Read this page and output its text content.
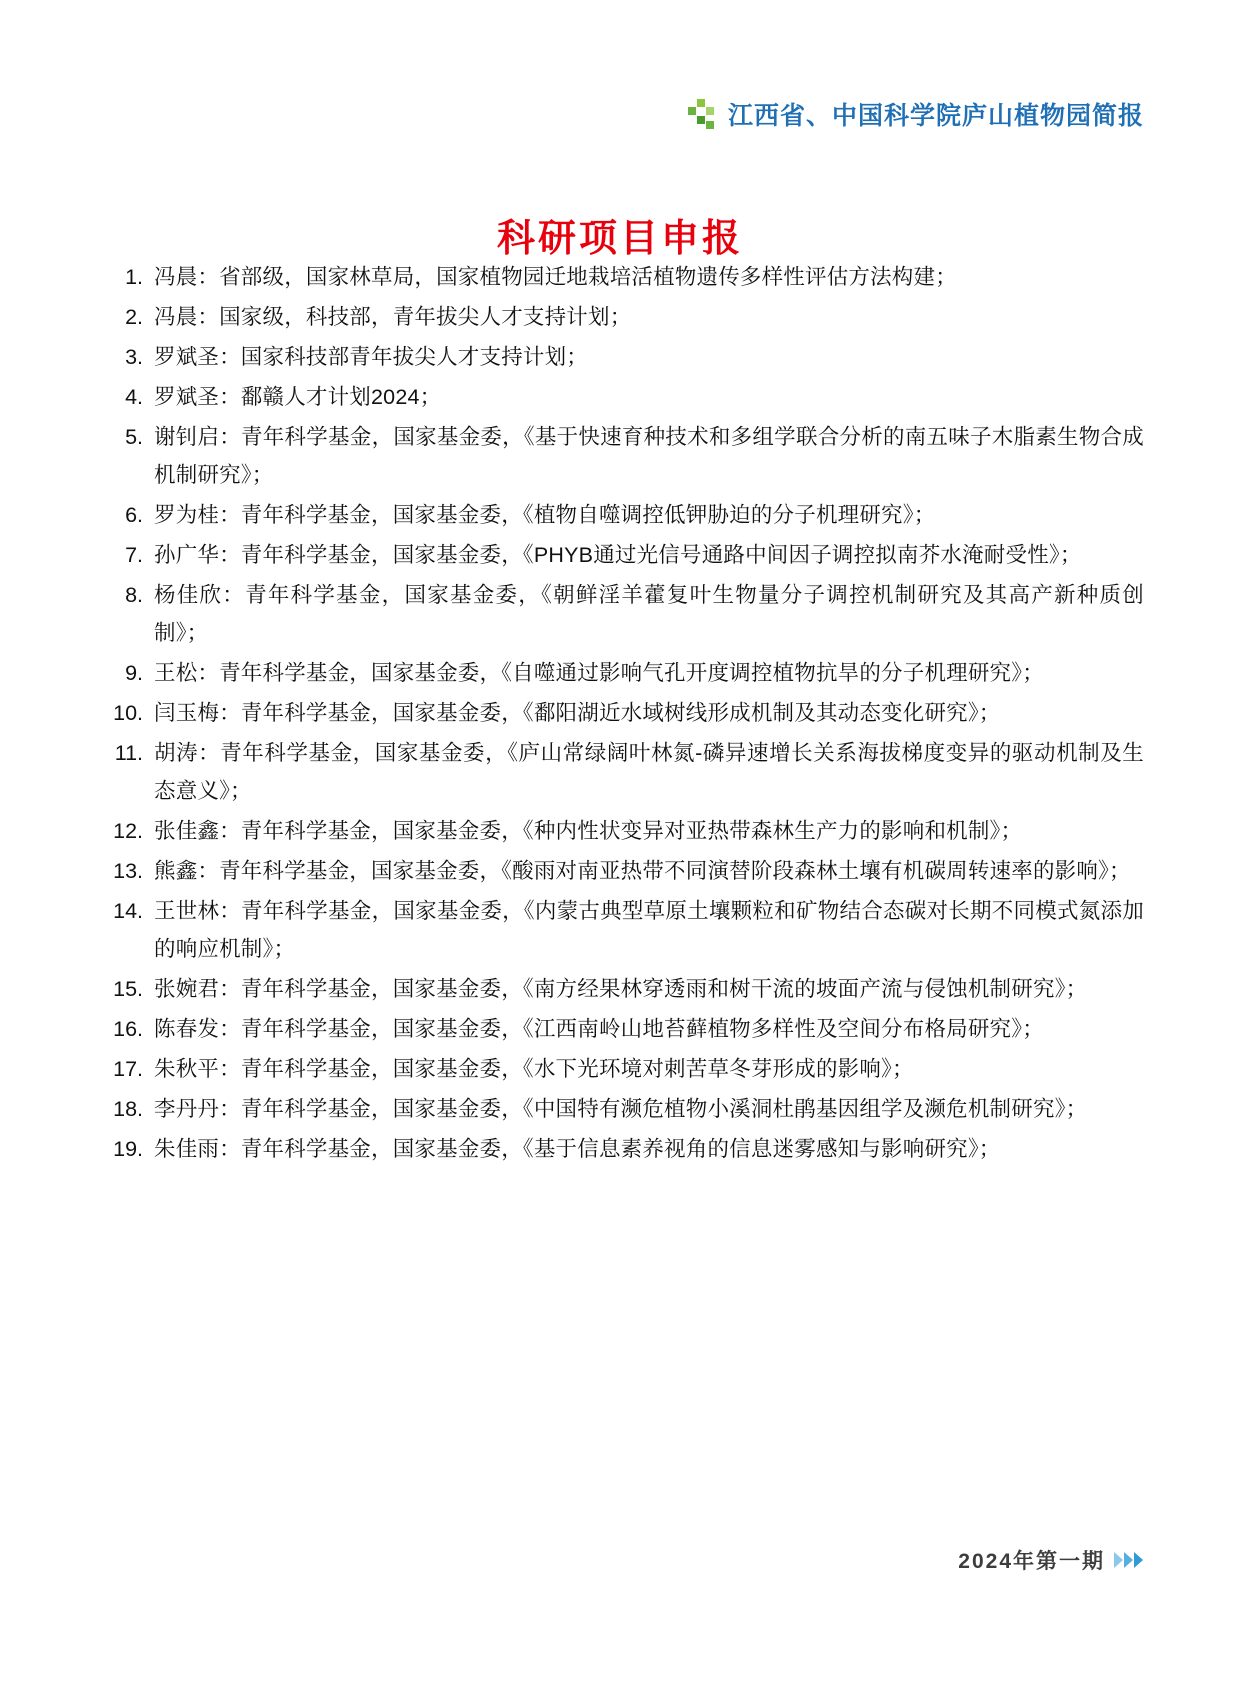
江西省、中国科学院庐山植物园简报
科研项目申报
1. 冯晨：省部级，国家林草局，国家植物园迁地栽培活植物遗传多样性评估方法构建；
2. 冯晨：国家级，科技部，青年拔尖人才支持计划；
3. 罗斌圣：国家科技部青年拔尖人才支持计划；
4. 罗斌圣：鄱赣人才计划2024；
5. 谢钊启：青年科学基金，国家基金委，《基于快速育种技术和多组学联合分析的南五味子木脂素生物合成机制研究》；
6. 罗为桂：青年科学基金，国家基金委，《植物自噬调控低钾胁迫的分子机理研究》；
7. 孙广华：青年科学基金，国家基金委，《PHYB通过光信号通路中间因子调控拟南芥水淹耐受性》；
8. 杨佳欣：青年科学基金，国家基金委，《朝鲜淫羊藿复叶生物量分子调控机制研究及其高产新种质创制》；
9. 王松：青年科学基金，国家基金委，《自噬通过影响气孔开度调控植物抗旱的分子机理研究》；
10. 闫玉梅：青年科学基金，国家基金委，《鄱阳湖近水域树线形成机制及其动态变化研究》；
11. 胡涛：青年科学基金，国家基金委，《庐山常绿阔叶林氮-磷异速增长关系海拔梯度变异的驱动机制及生态意义》；
12. 张佳鑫：青年科学基金，国家基金委，《种内性状变异对亚热带森林生产力的影响和机制》；
13. 熊鑫：青年科学基金，国家基金委，《酸雨对南亚热带不同演替阶段森林土壤有机碳周转速率的影响》；
14. 王世林：青年科学基金，国家基金委，《内蒙古典型草原土壤颗粒和矿物结合态碳对长期不同模式氮添加的响应机制》；
15. 张婉君：青年科学基金，国家基金委，《南方经果林穿透雨和树干流的坡面产流与侵蚀机制研究》；
16. 陈春发：青年科学基金，国家基金委，《江西南岭山地苔藓植物多样性及空间分布格局研究》；
17. 朱秋平：青年科学基金，国家基金委，《水下光环境对刺苦草冬芽形成的影响》；
18. 李丹丹：青年科学基金，国家基金委，《中国特有濒危植物小溪洞杜鹃基因组学及濒危机制研究》；
19. 朱佳雨：青年科学基金，国家基金委，《基于信息素养视角的信息迷雾感知与影响研究》；
2024年第一期
